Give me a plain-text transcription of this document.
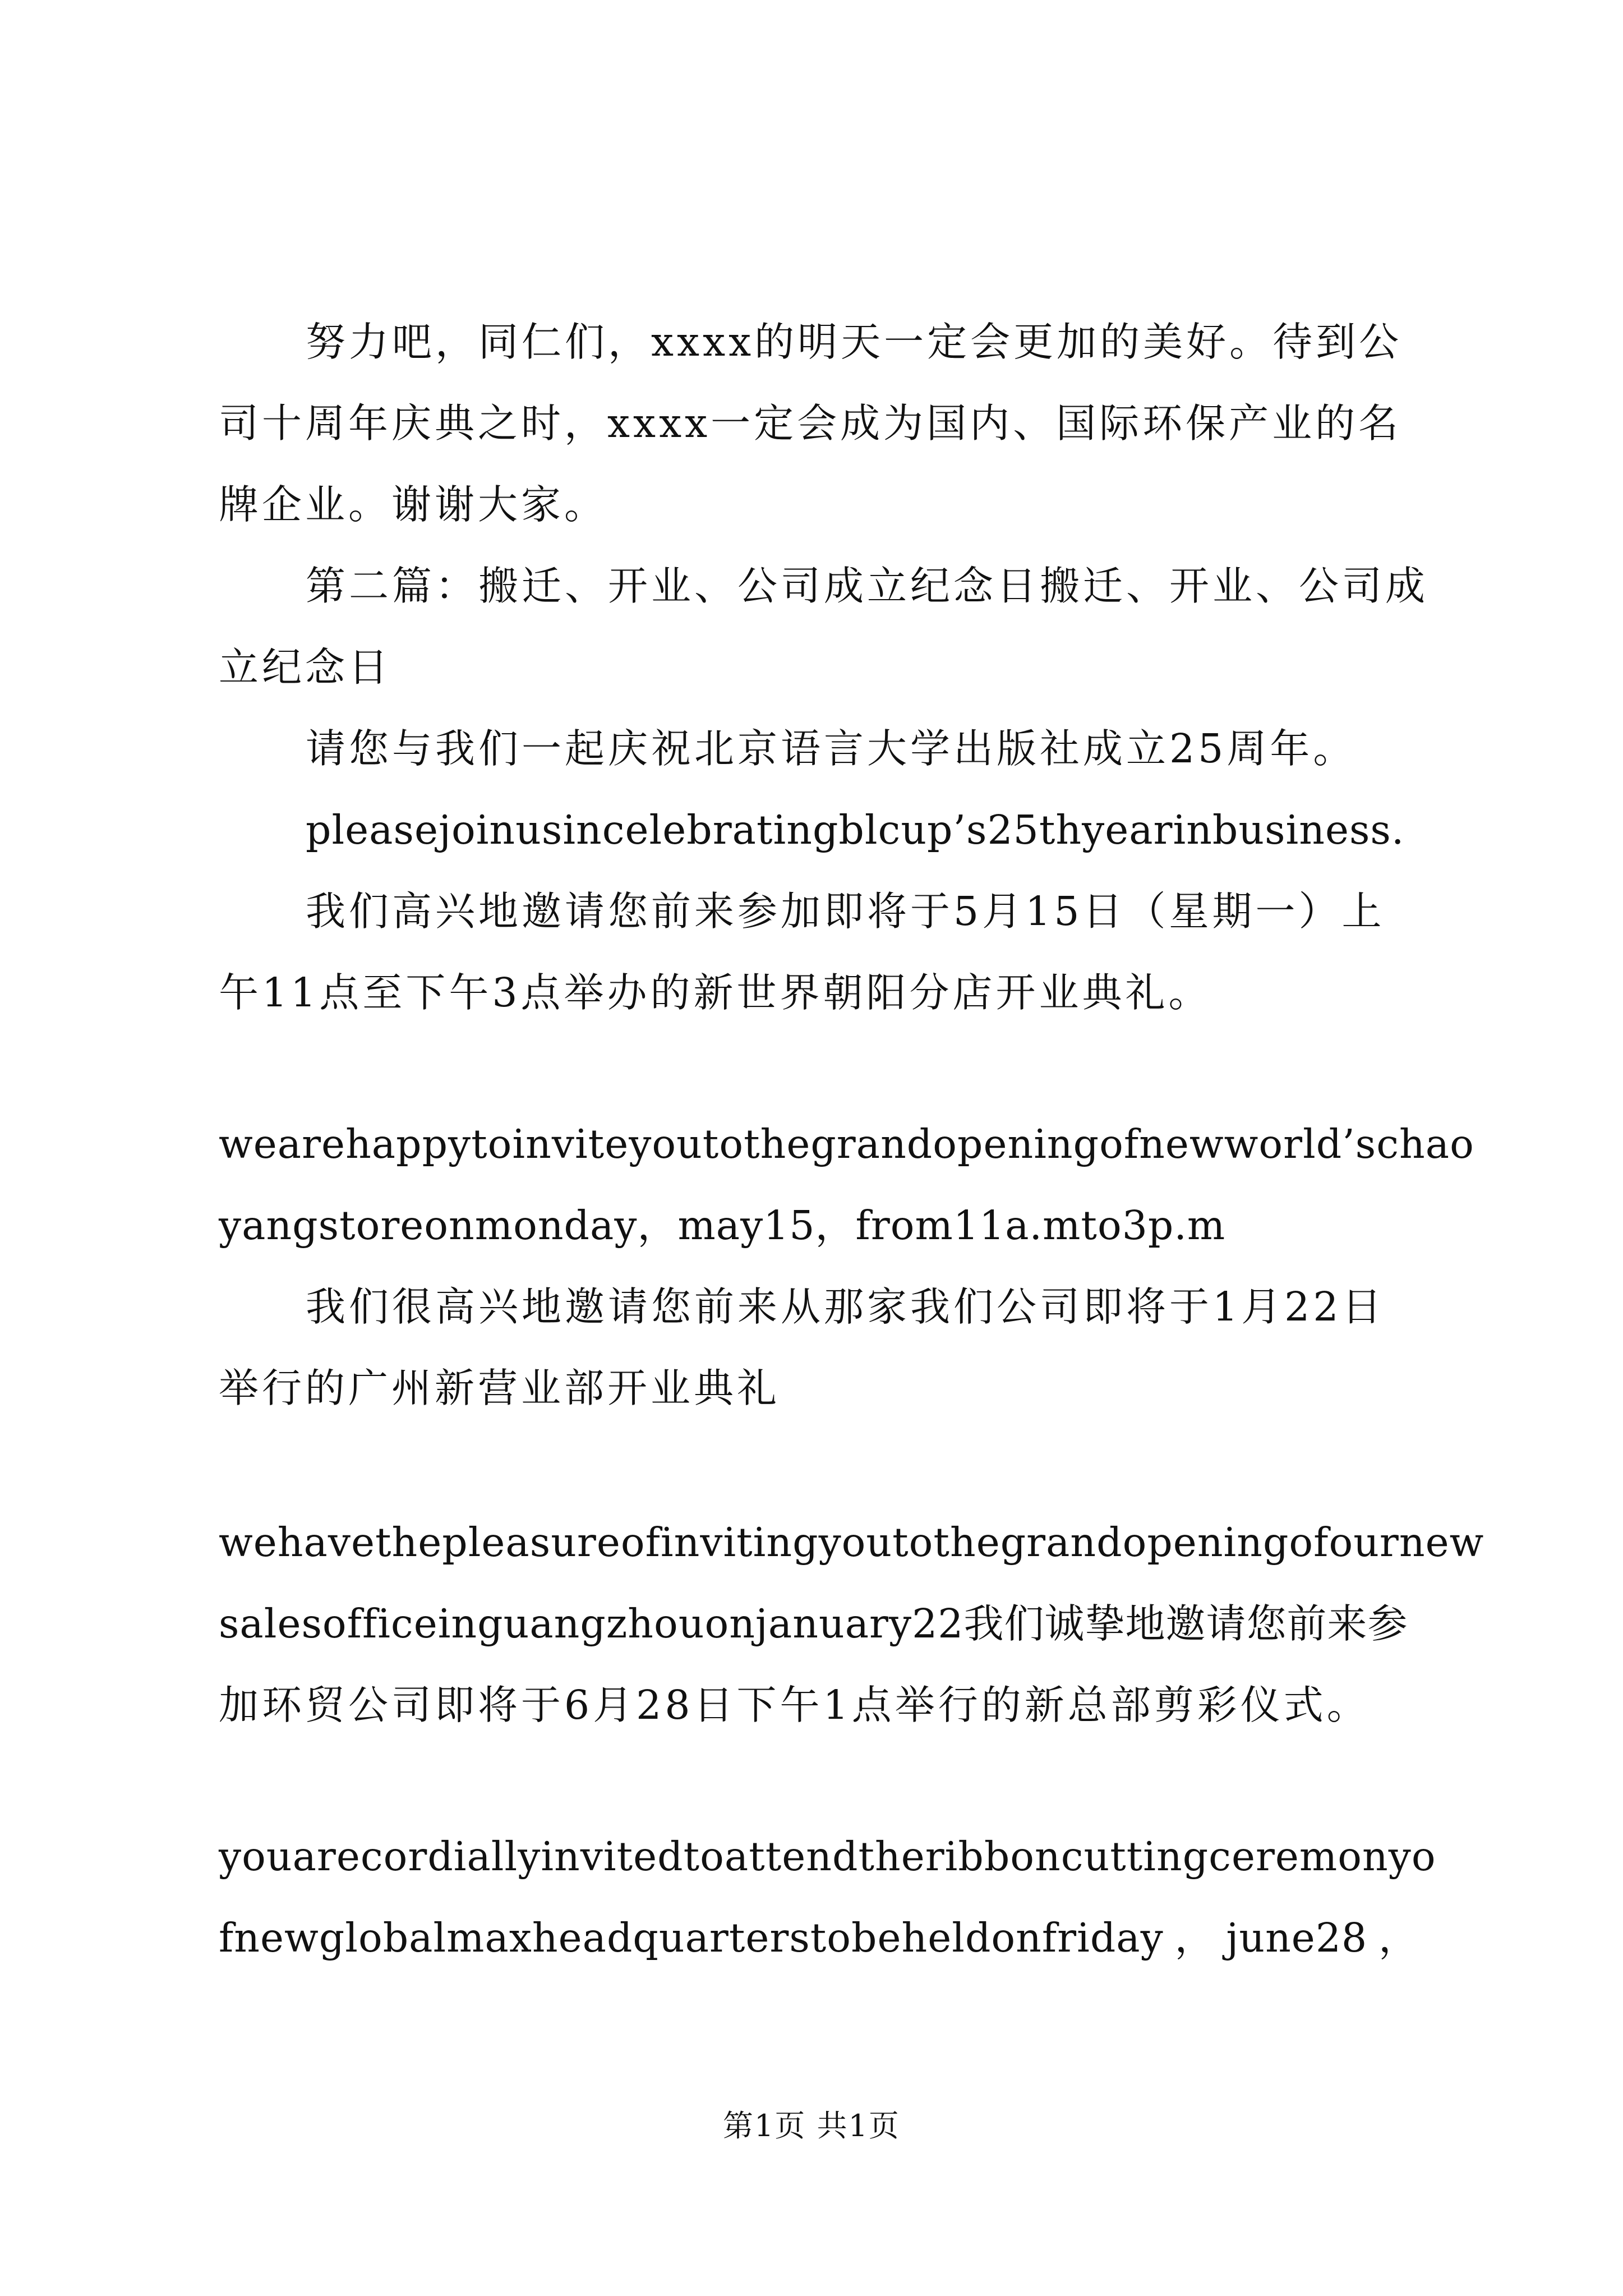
努力吧，同仁们，xxxx的明天一定会更加的美好。待到公
司十周年庆典之时，xxxx一定会成为国内、国际环保产业的名
牌企业。谢谢大家。
第二篇：搬迁、开业、公司成立纪念日搬迁、开业、公司成
立纪念日
请您与我们一起庆祝北京语言大学出版社成立25周年。
pleasejoinusincelebratingblcup’s25thyearinbusiness.
我们高兴地邀请您前来参加即将于5月15日（星期一）上
午11点至下午3点举办的新世界朝阳分店开业典礼。
wearehappytoinviteyoutothegrandopeningofnewworld’schao
yangstoreonmonday，may15，from11a.mto3p.m
我们很高兴地邀请您前来从那家我们公司即将于1月22日
举行的广州新营业部开业典礼
wehavethepleasureofinvitingyoutothegrandopeningofournew
salesofficeinguangzhouonjanuary22我们诚挚地邀请您前来参
加环贸公司即将于6月28日下午1点举行的新总部剪彩仪式。
youarecordiallyinvitedtoattendtheribboncuttingceremonyo
fnewglobalmaxheadquarterstobeheldonfriday ， june28 ，
第1页 共1页
